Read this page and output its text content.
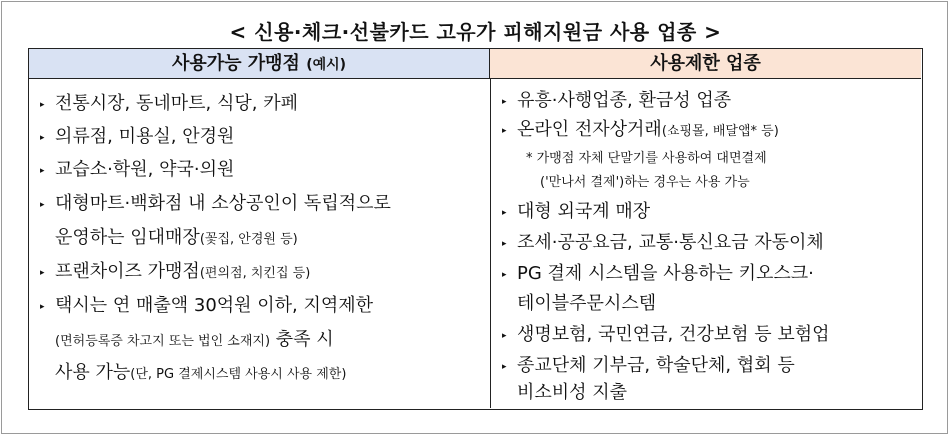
< 신용·체크·선불카드 고유가 피해지원금 사용 업종 >
사용가능 가맹점 (예시)	사용제한 업종
▸ 전통시장, 동네마트, 식당, 카페
▸ 의류점, 미용실, 안경원
▸ 교습소·학원, 약국·의원
▸ 대형마트·백화점 내 소상공인이 독립적으로
운영하는 임대매장(꽃집, 안경원 등)
▸ 프랜차이즈 가맹점(편의점, 치킨집 등)
▸ 택시는 연 매출액 30억원 이하, 지역제한
(면허등록증 차고지 또는 법인 소재지) 충족 시
사용 가능(단, PG 결제시스템 사용시 사용 제한)
▸ 유흥·사행업종, 환금성 업종
▸ 온라인 전자상거래(쇼핑몰, 배달앱* 등)
* 가맹점 자체 단말기를 사용하여 대면결제
('만나서 결제')하는 경우는 사용 가능
▸ 대형 외국계 매장
▸ 조세·공공요금, 교통·통신요금 자동이체
▸ PG 결제 시스템을 사용하는 키오스크·
테이블주문시스템
▸ 생명보험, 국민연금, 건강보험 등 보험업
▸ 종교단체 기부금, 학술단체, 협회 등
비소비성 지출
